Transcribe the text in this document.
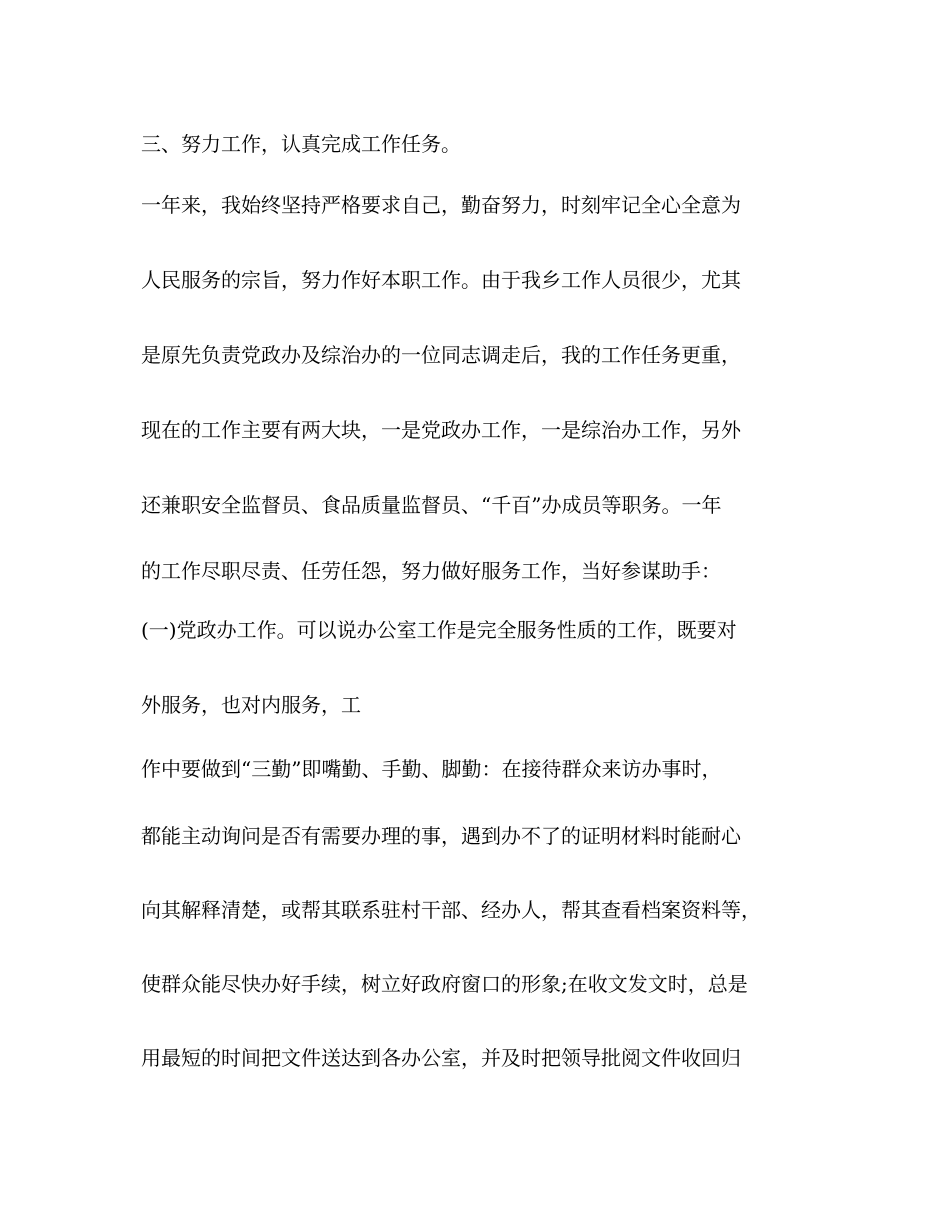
三、努力工作，认真完成工作任务。
一年来，我始终坚持严格要求自己，勤奋努力，时刻牢记全心全意为
人民服务的宗旨，努力作好本职工作。由于我乡工作人员很少，尤其
是原先负责党政办及综治办的一位同志调走后，我的工作任务更重，
现在的工作主要有两大块，一是党政办工作，一是综治办工作，另外
还兼职安全监督员、食品质量监督员、“千百”办成员等职务。一年
的工作尽职尽责、任劳任怨，努力做好服务工作，当好参谋助手：
(一)党政办工作。可以说办公室工作是完全服务性质的工作，既要对
外服务，也对内服务，工
作中要做到“三勤”即嘴勤、手勤、脚勤：在接待群众来访办事时，
都能主动询问是否有需要办理的事，遇到办不了的证明材料时能耐心
向其解释清楚，或帮其联系驻村干部、经办人，帮其查看档案资料等，
使群众能尽快办好手续，树立好政府窗口的形象;在收文发文时，总是
用最短的时间把文件送达到各办公室，并及时把领导批阅文件收回归
